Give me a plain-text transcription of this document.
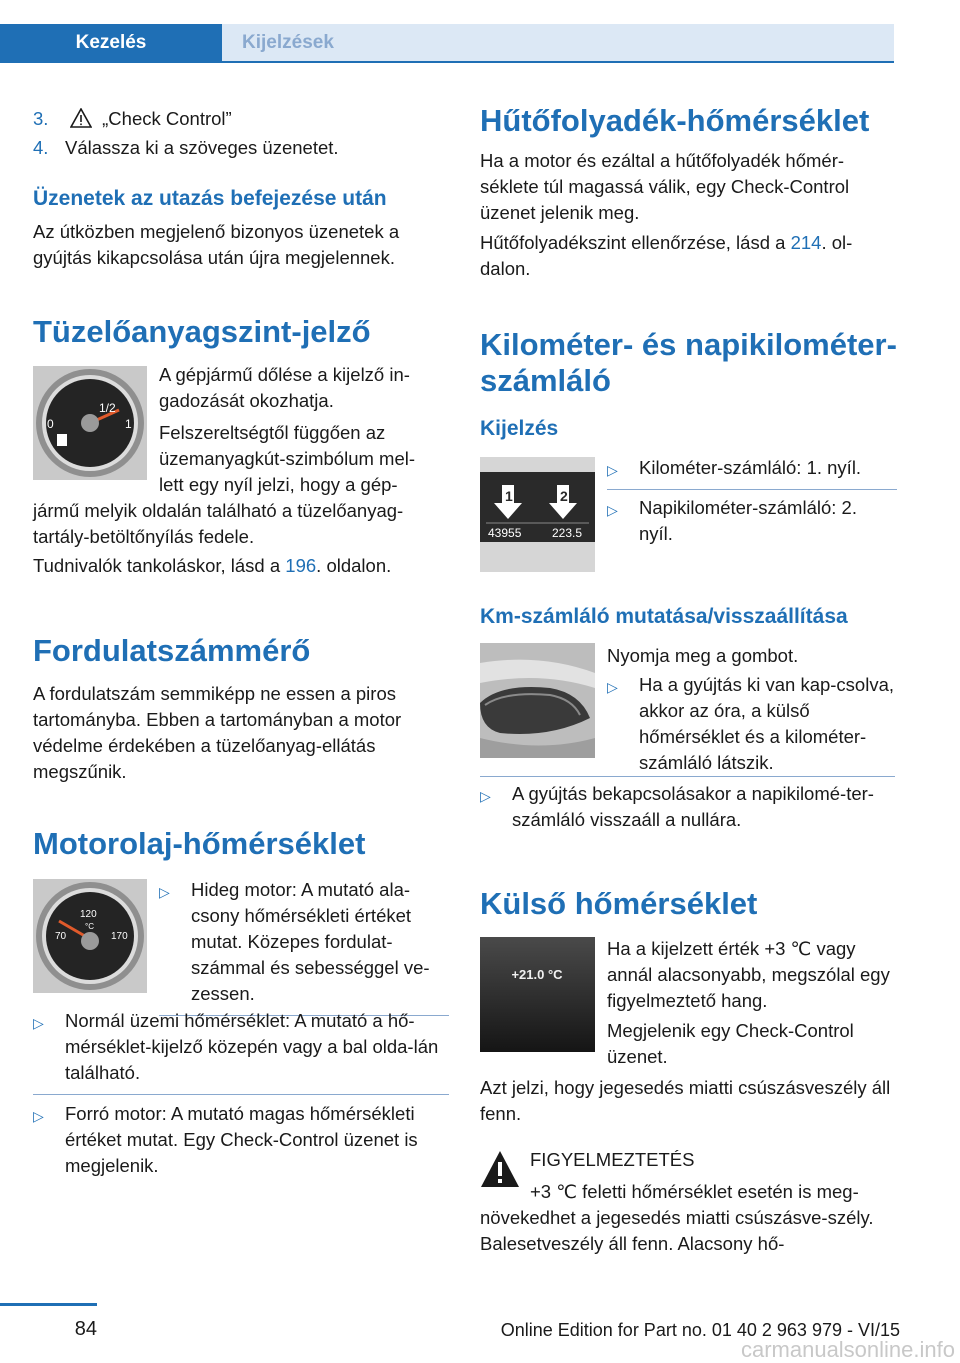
Kezelés	Kijelzések

3.	„Check Control”

4. Válassza ki a szöveges üzenetet.

Üzenetek az utazás befejezése után

Az útközben megjelenő bizonyos üzenetek a gyújtás kikapcsolása után újra megjelennek.

Tüzelőanyagszint-jelző
1/2
0	1

A gépjármű dőlése a kijelző in-gadozását okozhatja.

Felszereltségtől függően az üzemanyagkút-szimbólum mel-

lett egy nyíl jelzi, hogy a gép-

jármű melyik oldalán található a tüzelőanyag-tartály-betöltőnyílás fedele.

Tudnivalók tankoláskor, lásd a 196. oldalon.

Fordulatszámmérő

A fordulatszám semmiképp ne essen a piros tartományba. Ebben a tartományban a motor védelme érdekében a tüzelőanyag-ellátás megszűnik.

Motorolaj-hőmérséklet
120
°C
70	170
▷	Hideg motor: A mutató ala-csony hőmérsékleti értéket mutat. Közepes fordulat-számmal és sebességgel ve-zessen.
▷	Normál üzemi hőmérséklet: A mutató a hő-mérséklet-kijelző közepén vagy a bal olda-lán található.
▷	Forró motor: A mutató magas hőmérsékleti értéket mutat. Egy Check-Control üzenet is megjelenik.
Hűtőfolyadék-hőmérséklet

Ha a motor és ezáltal a hűtőfolyadék hőmér-séklete túl magassá válik, egy Check-Control üzenet jelenik meg.

Hűtőfolyadékszint ellenőrzése, lásd a 214. ol-dalon.

Kilométer- és napikilométer-számláló
Kijelzés
1	2
43955	223.5
▷	Kilométer-számláló: 1. nyíl.
▷	Napikilométer-számláló: 2. nyíl.
Km-számláló mutatása/visszaállítása

Nyomja meg a gombot.

▷	Ha a gyújtás ki van kap-csolva, akkor az óra, a külső hőmérséklet és a kilométer-számláló látszik.
▷	A gyújtás bekapcsolásakor a napikilomé-ter-számláló visszaáll a nullára.
Külső hőmérséklet
+21.0 °C

Ha a kijelzett érték +3 ℃ vagy annál alacsonyabb, megszólal egy figyelmeztető hang.

Megjelenik egy Check-Control üzenet.

Azt jelzi, hogy jegesedés miatti csúszásveszély áll fenn.

FIGYELMEZTETÉS

+3 ℃ feletti hőmérséklet esetén is meg-

növekedhet a jegesedés miatti csúszásve-szély. Balesetveszély áll fenn. Alacsony hő-

84	Online Edition for Part no. 01 40 2 963 979 - VI/15
carmanualsonline.info
